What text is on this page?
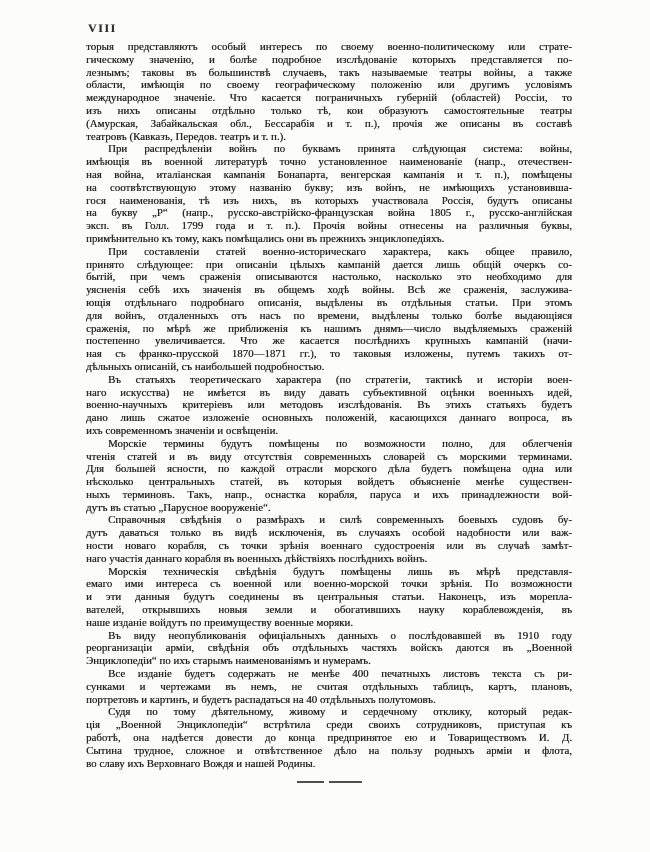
VIII
торыя представляютъ особый интересъ по своему военно-политическому или страте-
гическому значенію, и болѣе подробное изслѣдованіе которыхъ представляется по-
лезнымъ; таковы въ большинствѣ случаевъ, такъ называемые театры войны, а также
области, имѣющія по своему географическому положенію или другимъ условіямъ
международное значеніе. Что касается пограничныхъ губерній (областей) Россіи, то
изъ нихъ описаны отдѣльно только тѣ, кои образуютъ самостоятельные театры
(Амурская, Забайкальская обл., Бессарабія и т. п.), прочія же описаны въ составѣ
театровъ (Кавказъ, Передов. театръ и т. п.).
При распредѣленіи войнъ по буквамъ принята слѣдующая система: войны,
имѣющія въ военной литературѣ точно установленное наименованіе (напр., отечествен-
ная война, италіанская кампанія Бонапарта, венгерская кампанія и т. п.), помѣщены
на соотвѣтствующую этому названію букву; изъ войнъ, не имѣющихъ установивша-
гося наименованія, тѣ изъ нихъ, въ которыхъ участвовала Россія, будутъ описаны
на букву „Р“ (напр., русско-австрійско-французская война 1805 г., русско-англійская
эксп. въ Голл. 1799 года и т. п.). Прочія войны отнесены на различныя буквы,
примѣнительно къ тому, какъ помѣщались они въ прежнихъ энциклопедіяхъ.
При составленіи статей военно-историческаго характера, какъ общее правило,
принято слѣдующее: при описаніи цѣлыхъ кампаній дается лишь общій очеркъ со-
бытій, при чемъ сраженія описываются настолько, насколько это необходимо для
уясненія себѣ ихъ значенія въ общемъ ходѣ войны. Всѣ же сраженія, заслужива-
ющія отдѣльнаго подробнаго описанія, выдѣлены въ отдѣльныя статьи. При этомъ
для войнъ, отдаленныхъ отъ насъ по времени, выдѣлены только болѣе выдающіяся
сраженія, по мѣрѣ же приближенія къ нашимъ днямъ—число выдѣляемыхъ сраженій
постепенно увеличивается. Что же касается послѣднихъ крупныхъ кампаній (начи-
ная съ франко-прусской 1870—1871 гг.), то таковыя изложены, путемъ такихъ от-
дѣльныхъ описаній, съ наибольшей подробностью.
Въ статьяхъ теоретическаго характера (по стратегіи, тактикѣ и исторіи воен-
наго искусства) не имѣется въ виду давать субъективной оцѣнки военныхъ идей,
военно-научныхъ критеріевъ или методовъ изслѣдованія. Въ этихъ статьяхъ будетъ
дано лишь сжатое изложеніе основныхъ положеній, касающихся даннаго вопроса, въ
ихъ современномъ значеніи и освѣщеніи.
Морскіе термины будутъ помѣщены по возможности полно, для облегченія
чтенія статей и въ виду отсутствія современныхъ словарей съ морскими терминами.
Для большей ясности, по каждой отрасли морского дѣла будетъ помѣщена одна или
нѣсколько центральныхъ статей, въ которыя войдетъ объясненіе менѣе существен-
ныхъ терминовъ. Такъ, напр., оснастка корабля, паруса и ихъ принадлежности вой-
дутъ въ статью „Парусное вооруженіе“.
Справочныя свѣдѣнія о размѣрахъ и силѣ современныхъ боевыхъ судовъ бу-
дутъ даваться только въ видѣ исключенія, въ случаяхъ особой надобности или важ-
ности новаго корабля, съ точки зрѣнія военнаго судостроенія или въ случаѣ замѣт-
наго участія даннаго корабля въ военныхъ дѣйствіяхъ послѣднихъ войнъ.
Морскія техническія свѣдѣнія будутъ помѣщены лишь въ мѣрѣ представля-
емаго ими интереса съ военной или военно-морской точки зрѣнія. По возможности
и эти данныя будутъ соединены въ центральныя статьи. Наконецъ, изъ морепла-
вателей, открывшихъ новыя земли и обогатившихъ науку кораблевожденія, въ
наше изданіе войдутъ по преимуществу военные моряки.
Въ виду неопубликованія офиціальныхъ данныхъ о послѣдовавшей въ 1910 году
реорганизаціи арміи, свѣдѣнія объ отдѣльныхъ частяхъ войскъ даются въ „Военной
Энциклопедіи“ по ихъ старымъ наименованіямъ и нумерамъ.
Все изданіе будетъ содержать не менѣе 400 печатныхъ листовъ текста съ ри-
сунками и чертежами въ немъ, не считая отдѣльныхъ таблицъ, картъ, плановъ,
портретовъ и картинъ, и будетъ распадаться на 40 отдѣльныхъ полутомовъ.
Судя по тому дѣятельному, живому и сердечному отклику, который редак-
ція „Военной Энциклопедіи“ встрѣтила среди своихъ сотрудниковъ, приступая къ
работѣ, она надѣется довести до конца предпринятое ею и Товариществомъ И. Д.
Сытина трудное, сложное и отвѣтственное дѣло на пользу родныхъ арміи и флота,
во славу ихъ Верховнаго Вождя и нашей Родины.
